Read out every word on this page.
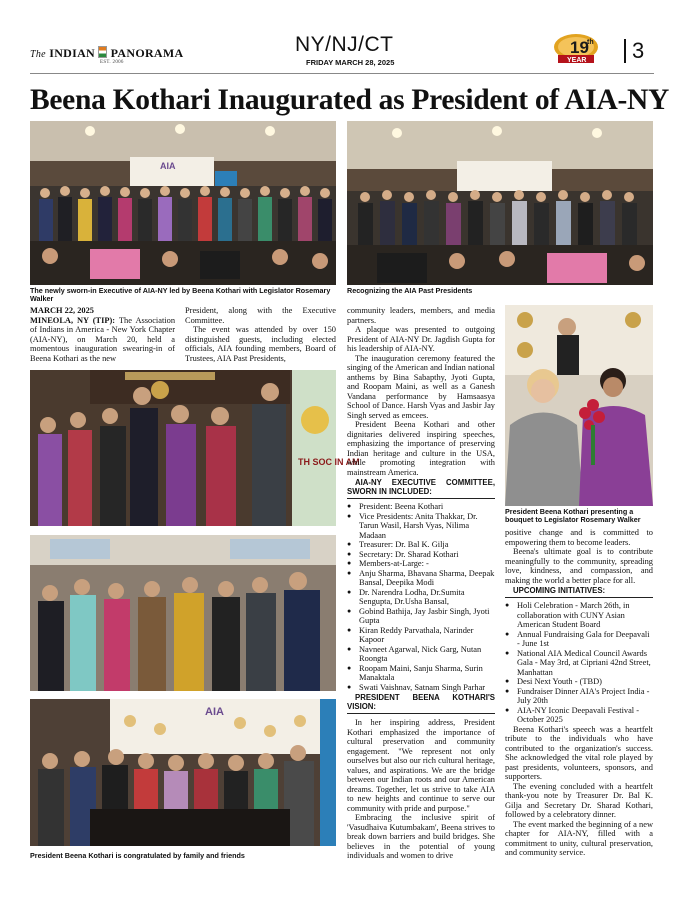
The INDIAN PANORAMA
EST. 2006
NY/NJ/CT
FRIDAY MARCH 28, 2025
19
th
YEAR	3
Beena Kothari Inaugurated as President of AIA-NY
AIA
The newly sworn-in Executive of AIA-NY led by Beena Kothari with Legislator Rosemary Walker
Recognizing the AIA Past Presidents
TH SOC IN AM
AIA
President Beena Kothari is congratulated by family and friends
President Beena Kothari presenting a bouquet to Legislator Rosemary Walker

MARCH 22, 2025
MINEOLA, NY (TIP): The Association of Indians in America - New York Chapter (AIA-NY), on March 20, held a momentous inauguration swearing-in of Beena Kothari as the new

President, along with the Executive Committee.

The event was attended by over 150 distinguished guests, including elected officials, AIA founding members, Board of Trustees, AIA Past Presidents,

community leaders, members, and media partners.

A plaque was presented to outgoing President of AIA-NY Dr. Jagdish Gupta for his leadership of AIA-NY.

The inauguration ceremony featured the singing of the American and Indian national anthems by Bina Sabapthy, Jyoti Gupta, and Roopam Maini, as well as a Ganesh Vandana performance by Hamsaasya School of Dance. Harsh Vyas and Jasbir Jay Singh served as emcees.

President Beena Kothari and other dignitaries delivered inspiring speeches, emphasizing the importance of preserving Indian heritage and culture in the USA, while promoting integration with mainstream America.

AIA-NY EXECUTIVE COMMITTEE, SWORN IN INCLUDED:

● President: Beena Kothari
● Vice Presidents: Anita Thakkar, Dr. Tarun Wasil, Harsh Vyas, Nilima Madaan
● Treasurer: Dr. Bal K. Gilja
● Secretary: Dr. Sharad Kothari
● Members-at-Large: -
● Anju Sharma, Bhavana Sharma, Deepak Bansal, Deepika Modi
● Dr. Narendra Lodha, Dr.Sumita Sengupta, Dr.Usha Bansal,
● Gobind Bathija, Jay Jasbir Singh, Jyoti Gupta
● Kiran Reddy Parvathala, Narinder Kapoor
● Navneet Agarwal, Nick Garg, Nutan Roongta
● Roopam Maini, Sanju Sharma, Surin Manaktala
● Swati Vaishnav, Satnam Singh Parhar

PRESIDENT BEENA KOTHARI'S VISION:

In her inspiring address, President Kothari emphasized the importance of cultural preservation and community engagement. "We represent not only ourselves but also our rich cultural heritage, values, and aspirations. We are the bridge between our Indian roots and our American dreams. Together, let us strive to take AIA to new heights and continue to serve our community with pride and purpose."

Embracing the inclusive spirit of 'Vasudhaiva Kutumbakam', Beena strives to break down barriers and build bridges. She believes in the potential of young individuals and women to drive

positive change and is committed to empowering them to become leaders.

Beena's ultimate goal is to contribute meaningfully to the community, spreading love, kindness, and compassion, and making the world a better place for all.

UPCOMING INITIATIVES:

● Holi Celebration - March 26th, in collaboration with CUNY Asian American Student Board
● Annual Fundraising Gala for Deepavali - June 1st
● National AIA Medical Council Awards Gala - May 3rd, at Cipriani 42nd Street, Manhattan
● Desi Next Youth - (TBD)
● Fundraiser Dinner AIA's Project India - July 20th
● AIA-NY Iconic Deepavali Festival - October 2025

Beena Kothari's speech was a heartfelt tribute to the individuals who have contributed to the organization's success. She acknowledged the vital role played by past presidents, volunteers, sponsors, and supporters.

The evening concluded with a heartfelt thank-you note by Treasurer Dr. Bal K. Gilja and Secretary Dr. Sharad Kothari, followed by a celebratory dinner.

The event marked the beginning of a new chapter for AIA-NY, filled with a commitment to unity, cultural preservation, and community service.
